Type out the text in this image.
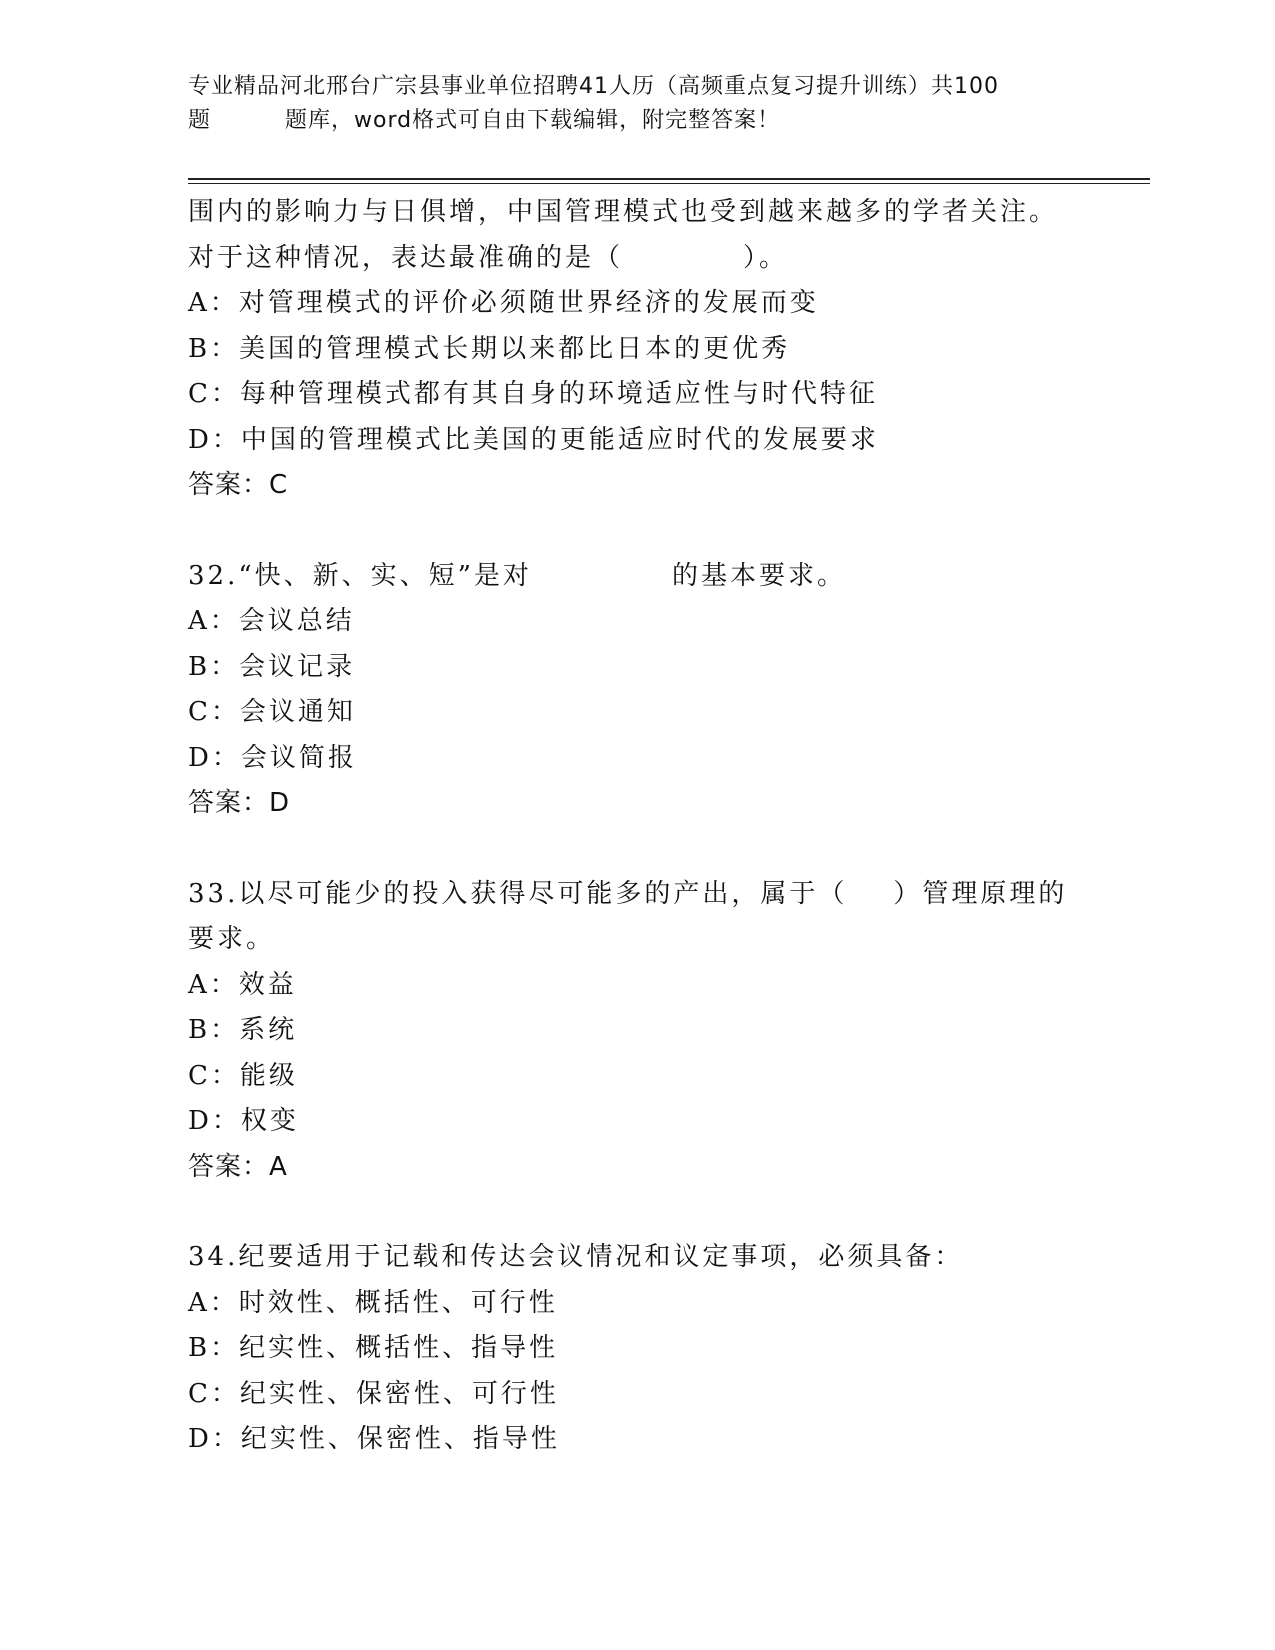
专业精品河北邢台广宗县事业单位招聘41人历（高频重点复习提升训练）共100
题	题库，word格式可自由下载编辑，附完整答案！
围内的影响力与日俱增，中国管理模式也受到越来越多的学者关注。
对于这种情况，表达最准确的是（	）。
A：对管理模式的评价必须随世界经济的发展而变
B：美国的管理模式长期以来都比日本的更优秀
C：每种管理模式都有其自身的环境适应性与时代特征
D：中国的管理模式比美国的更能适应时代的发展要求
答案：C
32.“快、新、实、短”是对	的基本要求。
A：会议总结
B：会议记录
C：会议通知
D：会议简报
答案：D
33.以尽可能少的投入获得尽可能多的产出，属于（ ）管理原理的
要求。
A：效益
B：系统
C：能级
D：权变
答案：A
34.纪要适用于记载和传达会议情况和议定事项，必须具备：
A：时效性、概括性、可行性
B：纪实性、概括性、指导性
C：纪实性、保密性、可行性
D：纪实性、保密性、指导性
